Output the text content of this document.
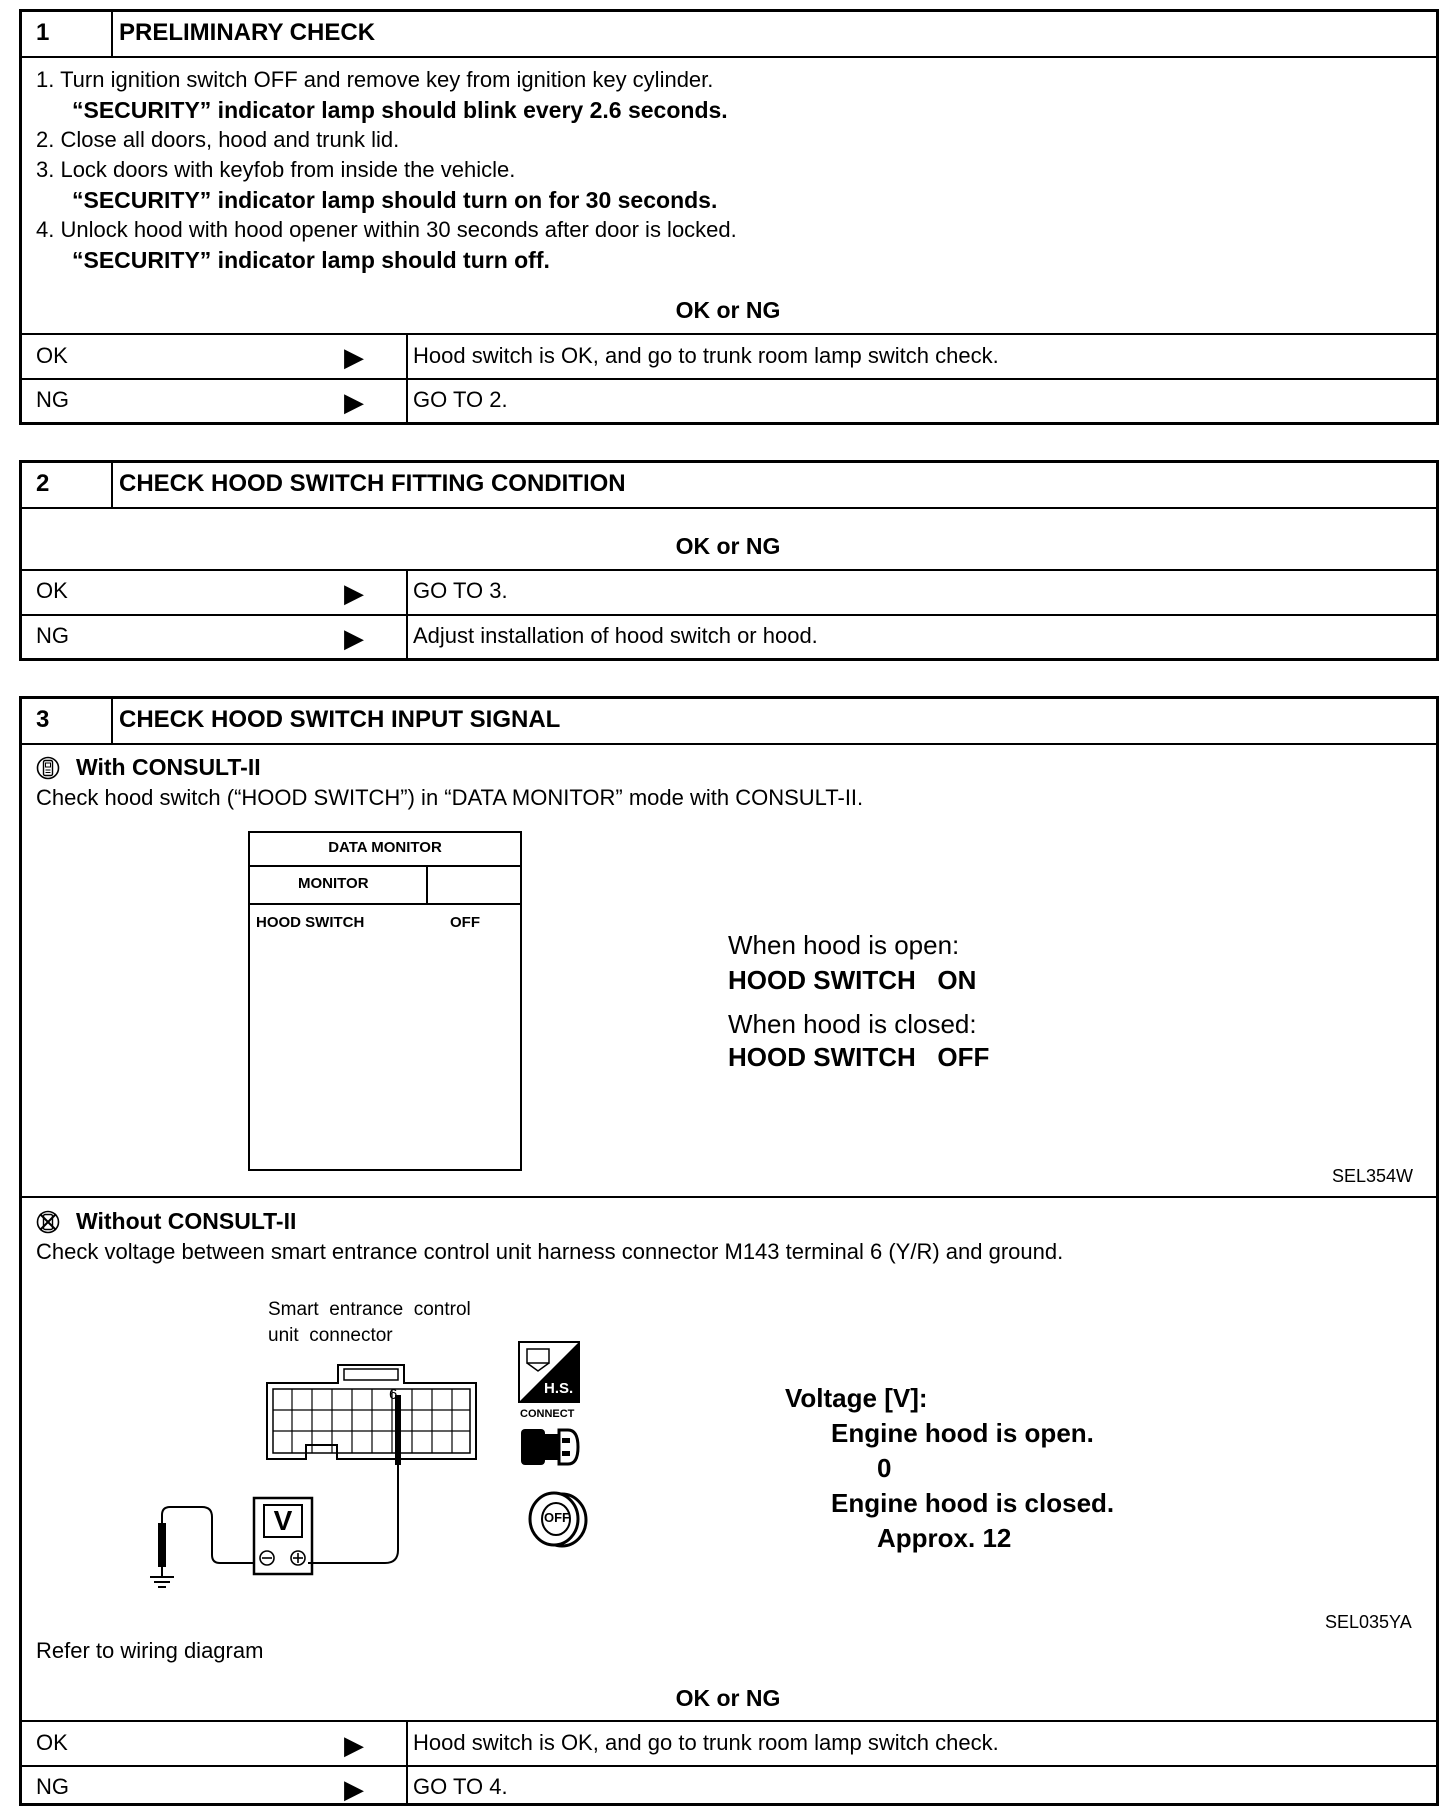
1	PRELIMINARY CHECK
1. Turn ignition switch OFF and remove key from ignition key cylinder.
“SECURITY” indicator lamp should blink every 2.6 seconds.
2. Close all doors, hood and trunk lid.
3. Lock doors with keyfob from inside the vehicle.
“SECURITY” indicator lamp should turn on for 30 seconds.
4. Unlock hood with hood opener within 30 seconds after door is locked.
“SECURITY” indicator lamp should turn off.
OK or NG
OK	▶ Hood switch is OK, and go to trunk room lamp switch check.
NG	▶ GO TO 2.
2	CHECK HOOD SWITCH FITTING CONDITION
OK or NG
OK	▶ GO TO 3.
NG	▶ Adjust installation of hood switch or hood.
3	CHECK HOOD SWITCH INPUT SIGNAL
With CONSULT-II
Check hood switch (“HOOD SWITCH”) in “DATA MONITOR” mode with CONSULT-II.
DATA MONITOR
MONITOR
HOOD SWITCH	OFF
When hood is open:
HOOD SWITCH   ON
When hood is closed:
HOOD SWITCH   OFF
SEL354W
Without CONSULT-II
Check voltage between smart entrance control unit harness connector M143 terminal 6 (Y/R) and ground.
Smart  entrance  control
unit  connector
6
V
H.S.
CONNECT
OFF
Voltage [V]:
Engine hood is open.
0
Engine hood is closed.
Approx. 12
SEL035YA
Refer to wiring diagram
OK or NG
OK	▶ Hood switch is OK, and go to trunk room lamp switch check.
NG	▶ GO TO 4.
